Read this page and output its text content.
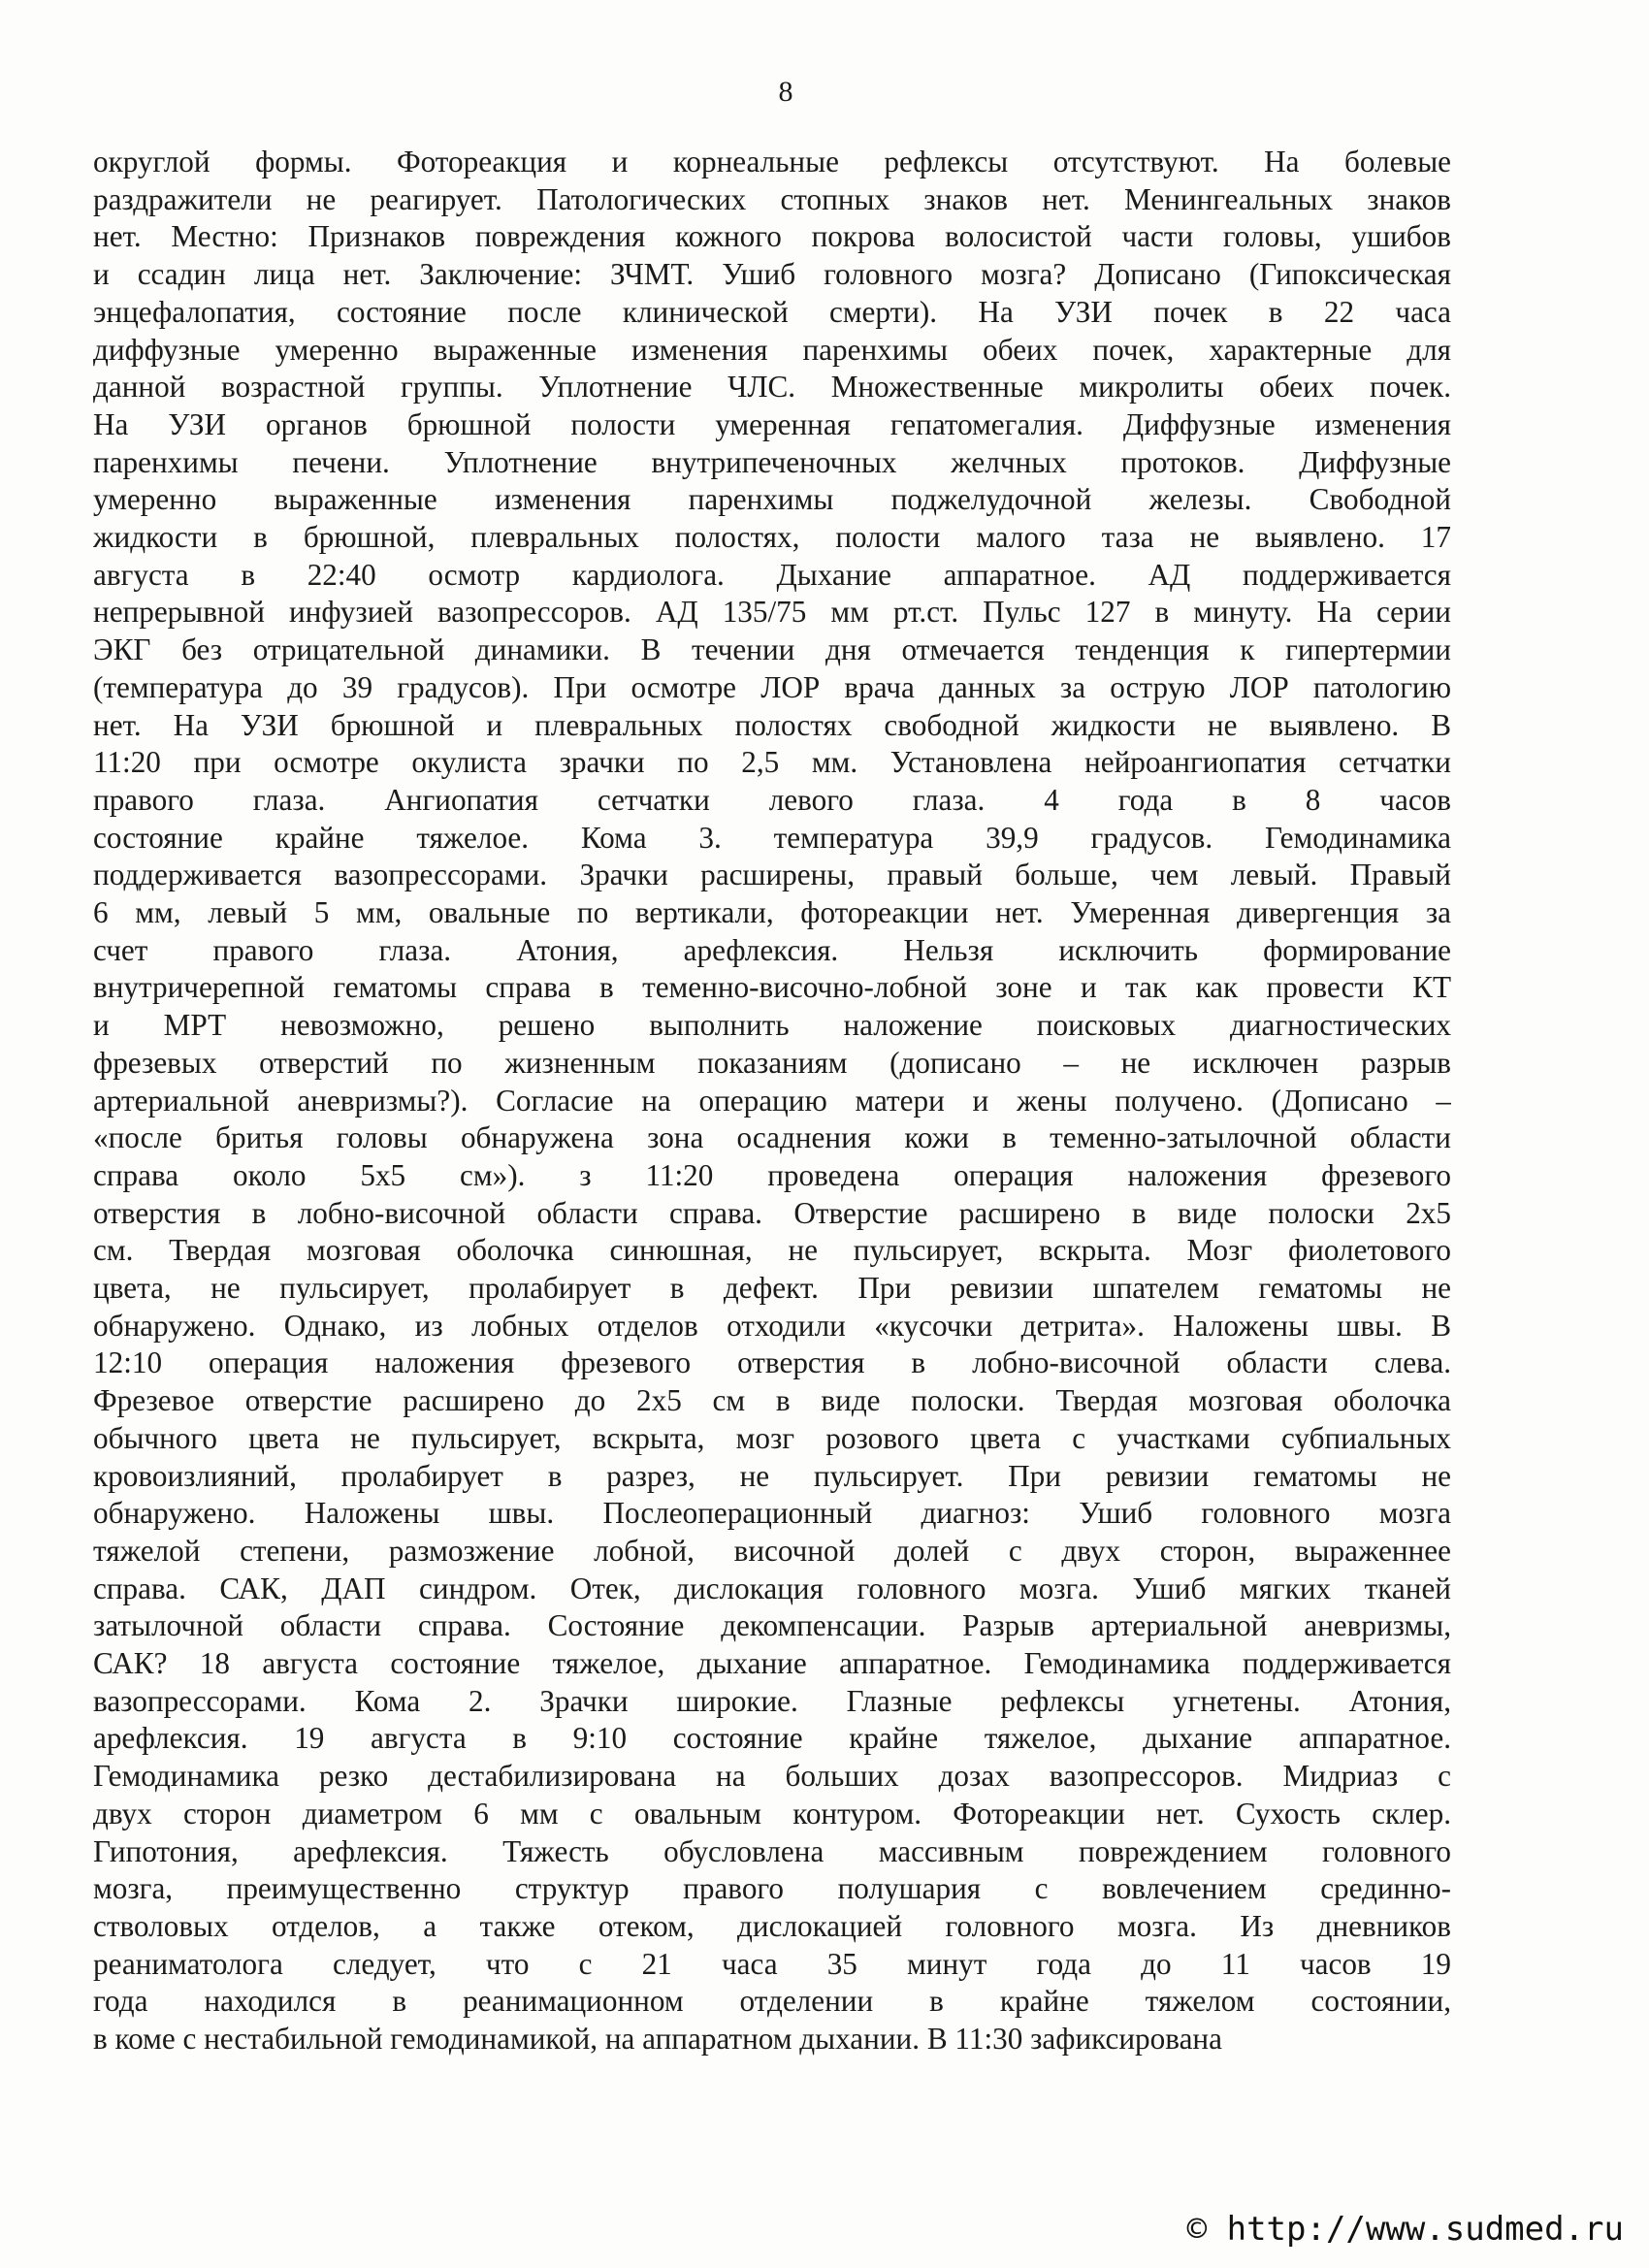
8
округлой формы. Фотореакция и корнеальные рефлексы отсутствуют. На болевые
раздражители не реагирует. Патологических стопных знаков нет. Менингеальных знаков
нет. Местно: Признаков повреждения кожного покрова волосистой части головы, ушибов
и ссадин лица нет. Заключение: ЗЧМТ. Ушиб головного мозга? Дописано (Гипоксическая
энцефалопатия, состояние после клинической смерти). На УЗИ почек в 22 часа
диффузные умеренно выраженные изменения паренхимы обеих почек, характерные для
данной возрастной группы. Уплотнение ЧЛС. Множественные микролиты обеих почек.
На УЗИ органов брюшной полости умеренная гепатомегалия. Диффузные изменения
паренхимы печени. Уплотнение внутрипеченочных желчных протоков. Диффузные
умеренно выраженные изменения паренхимы поджелудочной железы. Свободной
жидкости в брюшной, плевральных полостях, полости малого таза не выявлено. 17
августа в 22:40 осмотр кардиолога. Дыхание аппаратное. АД поддерживается
непрерывной инфузией вазопрессоров. АД 135/75 мм рт.ст. Пульс 127 в минуту. На серии
ЭКГ без отрицательной динамики. В течении дня отмечается тенденция к гипертермии
(температура до 39 градусов). При осмотре ЛОР врача данных за острую ЛОР патологию
нет. На УЗИ брюшной и плевральных полостях свободной жидкости не выявлено. В
11:20 при осмотре окулиста зрачки по 2,5 мм. Установлена нейроангиопатия сетчатки
правого глаза. Ангиопатия сетчатки левого глаза. 4 года в 8 часов
состояние крайне тяжелое. Кома 3. температура 39,9 градусов. Гемодинамика
поддерживается вазопрессорами. Зрачки расширены, правый больше, чем левый. Правый
6 мм, левый 5 мм, овальные по вертикали, фотореакции нет. Умеренная дивергенция за
счет правого глаза. Атония, арефлексия. Нельзя исключить формирование
внутричерепной гематомы справа в теменно-височно-лобной зоне и так как провести КТ
и МРТ невозможно, решено выполнить наложение поисковых диагностических
фрезевых отверстий по жизненным показаниям (дописано – не исключен разрыв
артериальной аневризмы?). Согласие на операцию матери и жены получено. (Дописано –
«после бритья головы обнаружена зона осаднения кожи в теменно-затылочной области
справа около 5х5 см»). з 11:20 проведена операция наложения фрезевого
отверстия в лобно-височной области справа. Отверстие расширено в виде полоски 2х5
см. Твердая мозговая оболочка синюшная, не пульсирует, вскрыта. Мозг фиолетового
цвета, не пульсирует, пролабирует в дефект. При ревизии шпателем гематомы не
обнаружено. Однако, из лобных отделов отходили «кусочки детрита». Наложены швы. В
12:10 операция наложения фрезевого отверстия в лобно-височной области слева.
Фрезевое отверстие расширено до 2х5 см в виде полоски. Твердая мозговая оболочка
обычного цвета не пульсирует, вскрыта, мозг розового цвета с участками субпиальных
кровоизлияний, пролабирует в разрез, не пульсирует. При ревизии гематомы не
обнаружено. Наложены швы. Послеоперационный диагноз: Ушиб головного мозга
тяжелой степени, размозжение лобной, височной долей с двух сторон, выраженнее
справа. САК, ДАП синдром. Отек, дислокация головного мозга. Ушиб мягких тканей
затылочной области справа. Состояние декомпенсации. Разрыв артериальной аневризмы,
САК? 18 августа состояние тяжелое, дыхание аппаратное. Гемодинамика поддерживается
вазопрессорами. Кома 2. Зрачки широкие. Глазные рефлексы угнетены. Атония,
арефлексия. 19 августа в 9:10 состояние крайне тяжелое, дыхание аппаратное.
Гемодинамика резко дестабилизирована на больших дозах вазопрессоров. Мидриаз с
двух сторон диаметром 6 мм с овальным контуром. Фотореакции нет. Сухость склер.
Гипотония, арефлексия. Тяжесть обусловлена массивным повреждением головного
мозга, преимущественно структур правого полушария с вовлечением срединно-
стволовых отделов, а также отеком, дислокацией головного мозга. Из дневников
реаниматолога следует, что с 21 часа 35 минут года до 11 часов 19
года находился в реанимационном отделении в крайне тяжелом состоянии,
в коме с нестабильной гемодинамикой, на аппаратном дыхании. В 11:30 зафиксирована
© http://www.sudmed.ru
